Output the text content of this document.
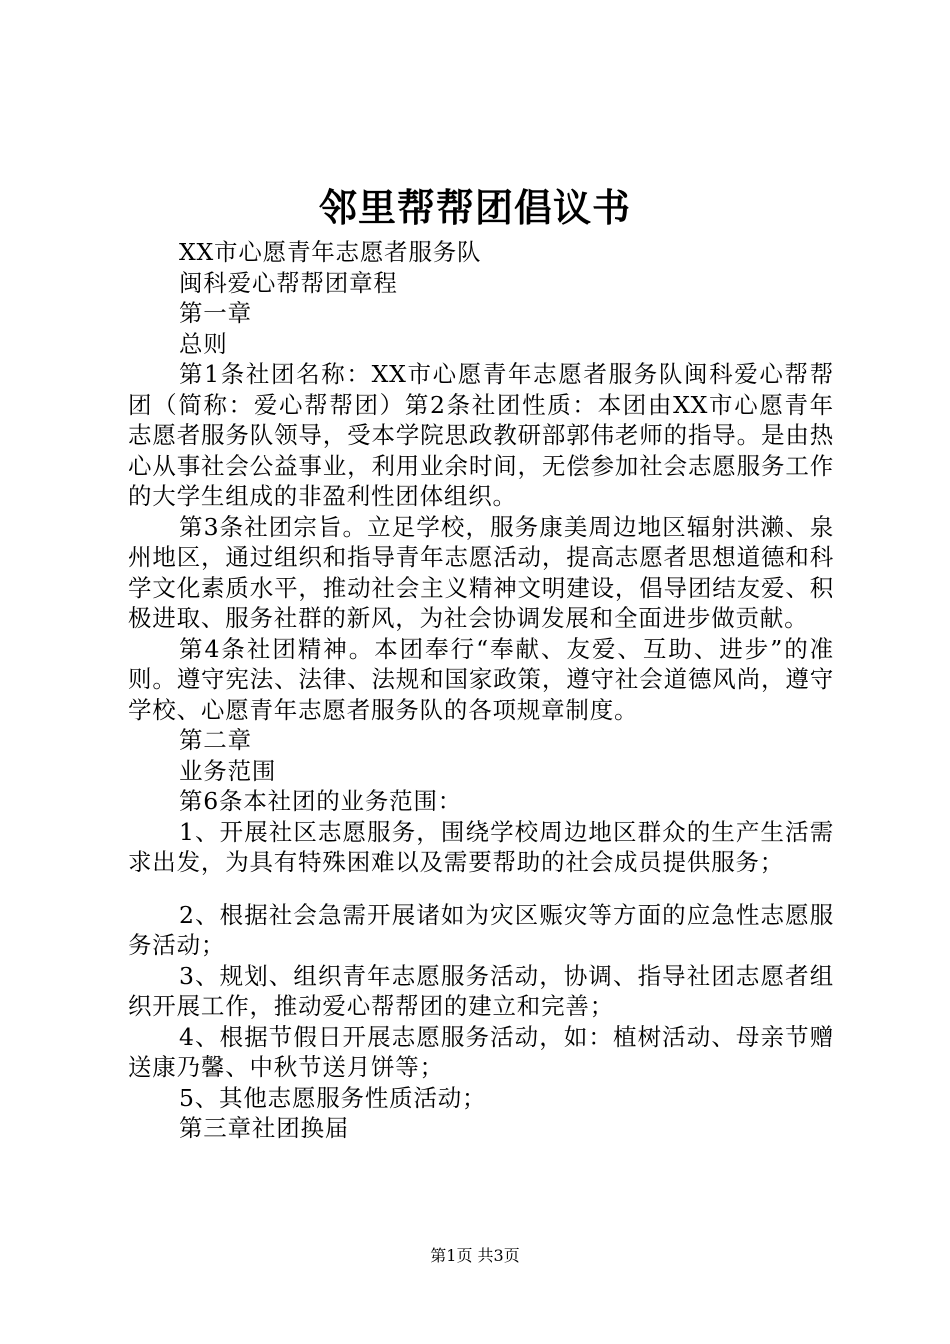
邻里帮帮团倡议书

XX市心愿青年志愿者服务队

闽科爱心帮帮团章程

第一章

总则

第1条社团名称：XX市心愿青年志愿者服务队闽科爱心帮帮团（简称：爱心帮帮团）第2条社团性质：本团由XX市心愿青年志愿者服务队领导，受本学院思政教研部郭伟老师的指导。是由热心从事社会公益事业，利用业余时间，无偿参加社会志愿服务工作的大学生组成的非盈利性团体组织。

第3条社团宗旨。立足学校，服务康美周边地区辐射洪濑、泉州地区，通过组织和指导青年志愿活动，提高志愿者思想道德和科学文化素质水平，推动社会主义精神文明建设，倡导团结友爱、积极进取、服务社群的新风，为社会协调发展和全面进步做贡献。

第4条社团精神。本团奉行“奉献、友爱、互助、进步”的准则。遵守宪法、法律、法规和国家政策，遵守社会道德风尚，遵守学校、心愿青年志愿者服务队的各项规章制度。

第二章

业务范围

第6条本社团的业务范围：

1、开展社区志愿服务，围绕学校周边地区群众的生产生活需求出发，为具有特殊困难以及需要帮助的社会成员提供服务；

2、根据社会急需开展诸如为灾区赈灾等方面的应急性志愿服务活动；

3、规划、组织青年志愿服务活动，协调、指导社团志愿者组织开展工作，推动爱心帮帮团的建立和完善；

4、根据节假日开展志愿服务活动，如：植树活动、母亲节赠送康乃馨、中秋节送月饼等；

5、其他志愿服务性质活动；

第三章社团换届

第1页 共3页
